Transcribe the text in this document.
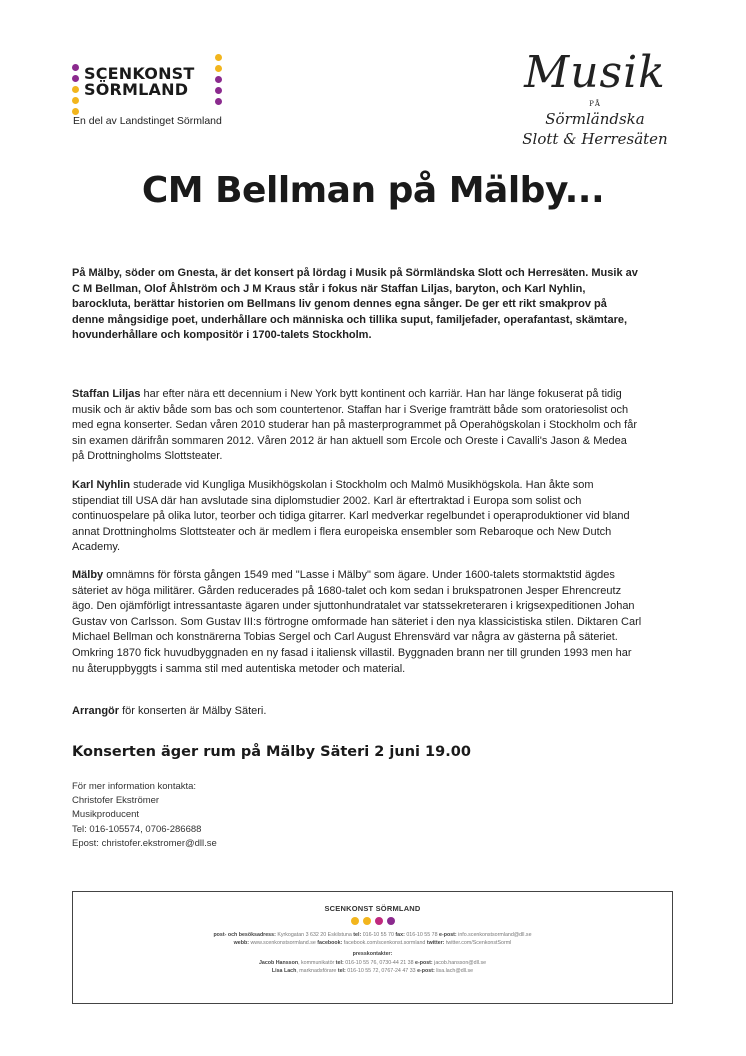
SCENKONST
SÖRMLAND
En del av Landstinget Sörmland
Musik
PÅ
Sörmländska
Slott & Herresäten
CM Bellman på Mälby...
På Mälby, söder om Gnesta, är det konsert på lördag i Musik på Sörmländska Slott och Herresäten. Musik av C M Bellman, Olof Åhlström och J M Kraus står i fokus när Staffan Liljas, baryton, och Karl Nyhlin, barockluta, berättar historien om Bellmans liv genom dennes egna sånger. De ger ett rikt smakprov på denne mångsidige poet, underhållare och människa och tillika suput, familjefader, operafantast, skämtare, hovunderhållare och kompositör i 1700-talets Stockholm.
Staffan Liljas har efter nära ett decennium i New York bytt kontinent och karriär. Han har länge fokuserat på tidig musik och är aktiv både som bas och som countertenor. Staffan har i Sverige framträtt både som oratoriesolist och med egna konserter. Sedan våren 2010 studerar han på masterprogrammet på Operahögskolan i Stockholm och får sin examen därifrån sommaren 2012. Våren 2012 är han aktuell som Ercole och Oreste i Cavalli's Jason & Medea på Drottningholms Slottsteater.
Karl Nyhlin studerade vid Kungliga Musikhögskolan i Stockholm och Malmö Musikhögskola. Han åkte som stipendiat till USA där han avslutade sina diplomstudier 2002. Karl är eftertraktad i Europa som solist och continuospelare på olika lutor, teorber och tidiga gitarrer. Karl medverkar regelbundet i operaproduktioner vid bland annat Drottningholms Slottsteater och är medlem i flera europeiska ensembler som Rebaroque och New Dutch Academy.
Mälby omnämns för första gången 1549 med "Lasse i Mälby" som ägare. Under 1600-talets stormaktstid ägdes säteriet av höga militärer. Gården reducerades på 1680-talet och kom sedan i brukspatronen Jesper Ehrencreutz ägo. Den ojämförligt intressantaste ägaren under sjuttonhundratalet var statssekreteraren i krigsexpeditionen Johan Gustav von Carlsson. Som Gustav III:s förtrogne omformade han säteriet i den nya klassicistiska stilen. Diktaren Carl Michael Bellman och konstnärerna Tobias Sergel och Carl August Ehrensvärd var några av gästerna på säteriet. Omkring 1870 fick huvudbyggnaden en ny fasad i italiensk villastil. Byggnaden brann ner till grunden 1993 men har nu återuppbyggts i samma stil med autentiska metoder och material.
Arrangör för konserten är Mälby Säteri.
Konserten äger rum på Mälby Säteri 2 juni 19.00
För mer information kontakta:
Christofer Ekströmer
Musikproducent
Tel: 016-105574, 0706-286688
Epost: christofer.ekstromer@dll.se
SCENKONST SÖRMLAND
post- och besöksadress: Kyrkogatan 3 632 20 Eskilstuna tel: 016-10 55 70 fax: 016-10 55 78 e-post: info.scenkonstsormland@dll.se
webb: www.scenkonstsormland.se facebook: facebook.com/scenkonst.sormland twitter: twitter.com/ScenkonstSorml
presskontakter:
Jacob Hansson, kommunikatör tel: 016-10 55 76, 0730-44 21 38 e-post: jacob.hansson@dll.se
Lisa Lach, marknadsförare tel: 016-10 55 72, 0767-24 47 33 e-post: lisa.lach@dll.se
